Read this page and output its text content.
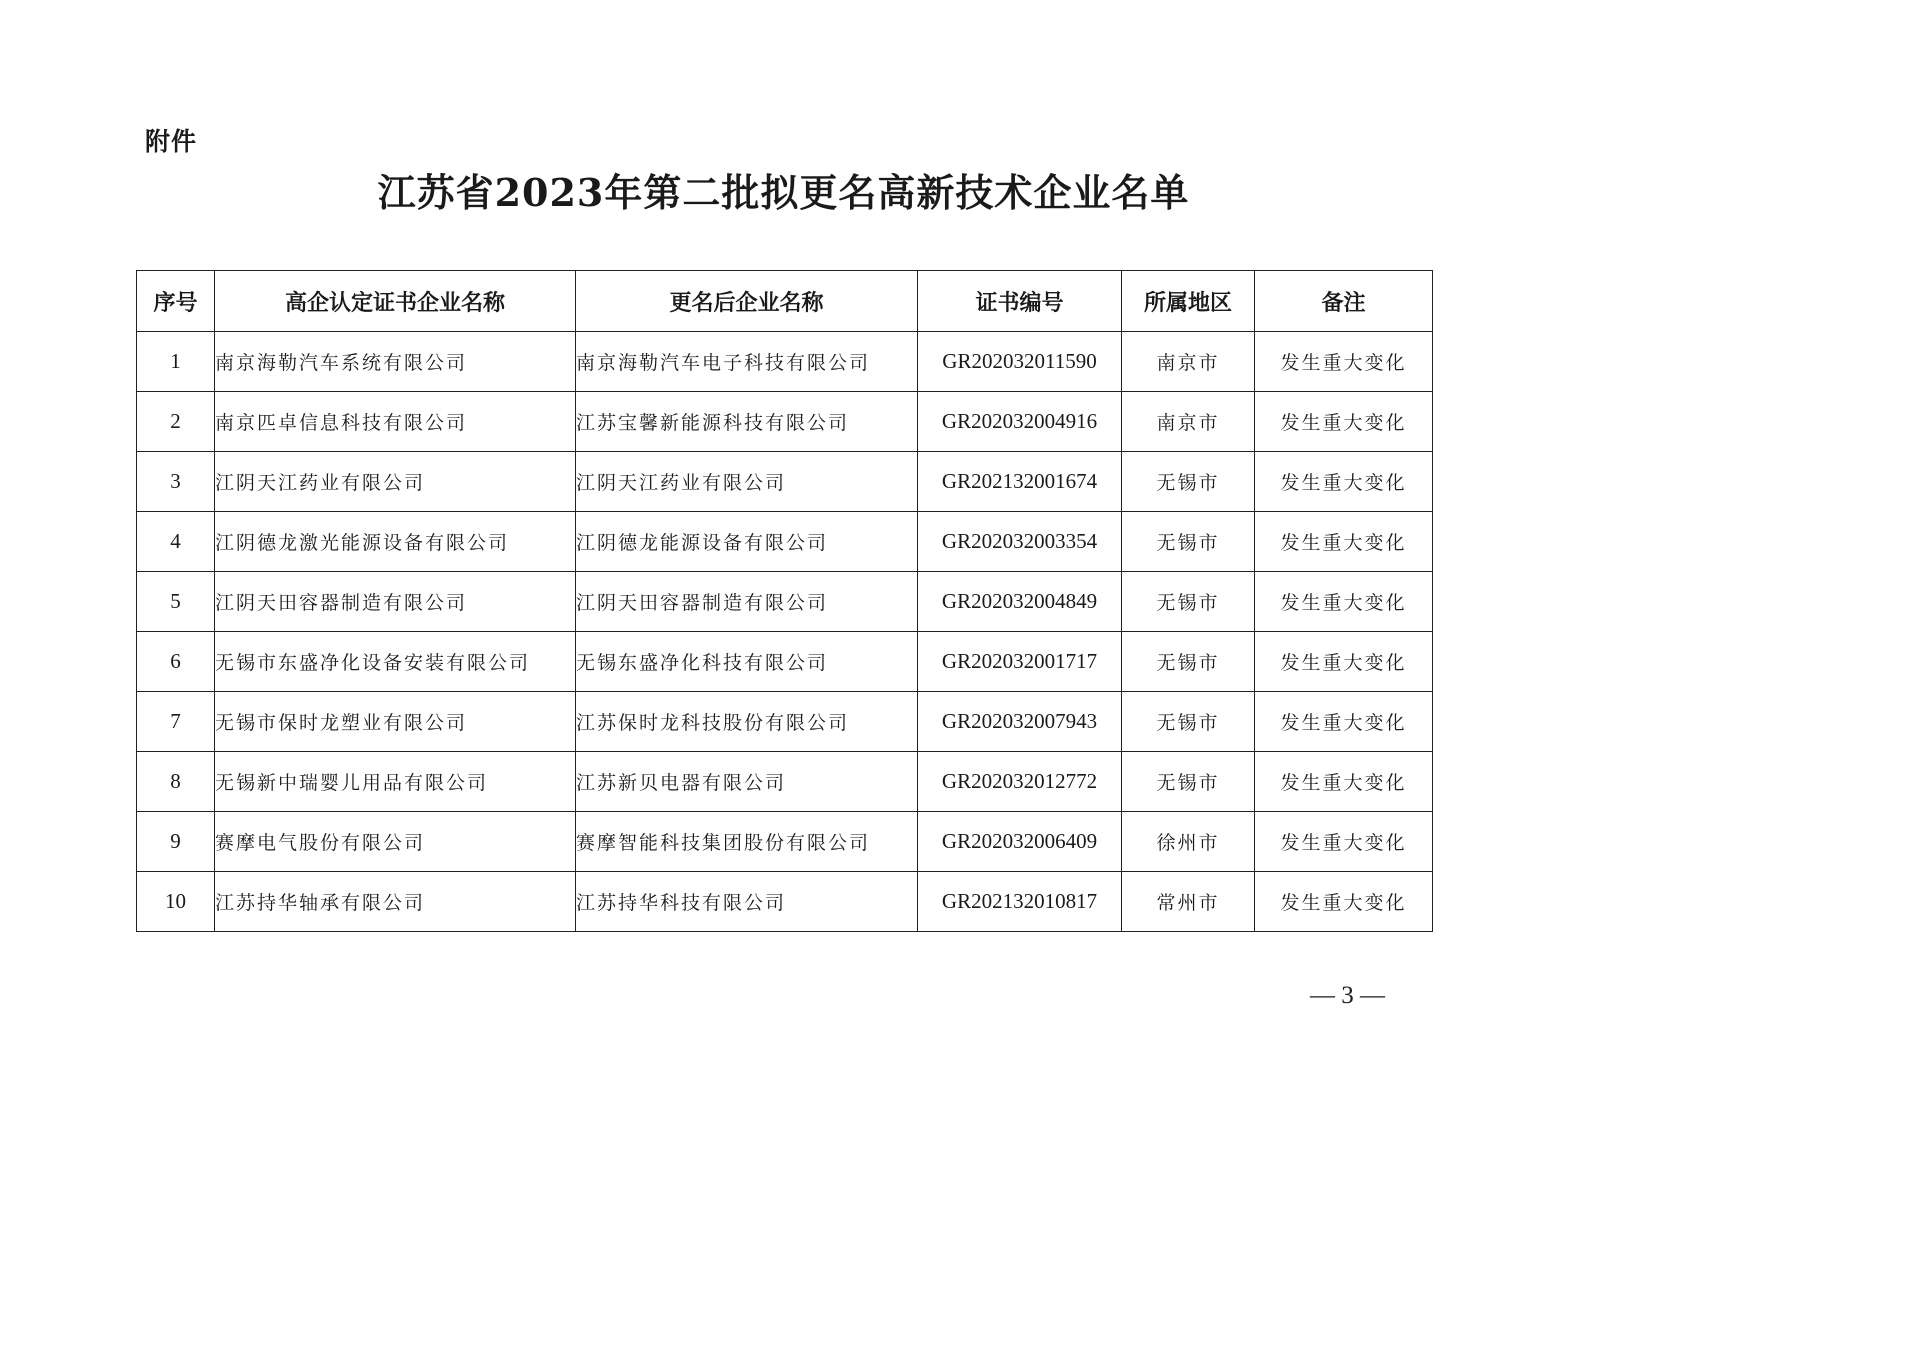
附件
江苏省2023年第二批拟更名高新技术企业名单
序号	高企认定证书企业名称	更名后企业名称	证书编号	所属地区	备注
1	南京海勒汽车系统有限公司	南京海勒汽车电子科技有限公司	GR202032011590	南京市	发生重大变化
2	南京匹卓信息科技有限公司	江苏宝馨新能源科技有限公司	GR202032004916	南京市	发生重大变化
3	江阴天江药业有限公司	江阴天江药业有限公司	GR202132001674	无锡市	发生重大变化
4	江阴德龙激光能源设备有限公司	江阴德龙能源设备有限公司	GR202032003354	无锡市	发生重大变化
5	江阴天田容器制造有限公司	江阴天田容器制造有限公司	GR202032004849	无锡市	发生重大变化
6	无锡市东盛净化设备安装有限公司	无锡东盛净化科技有限公司	GR202032001717	无锡市	发生重大变化
7	无锡市保时龙塑业有限公司	江苏保时龙科技股份有限公司	GR202032007943	无锡市	发生重大变化
8	无锡新中瑞婴儿用品有限公司	江苏新贝电器有限公司	GR202032012772	无锡市	发生重大变化
9	赛摩电气股份有限公司	赛摩智能科技集团股份有限公司	GR202032006409	徐州市	发生重大变化
10	江苏持华轴承有限公司	江苏持华科技有限公司	GR202132010817	常州市	发生重大变化
— 3 —
